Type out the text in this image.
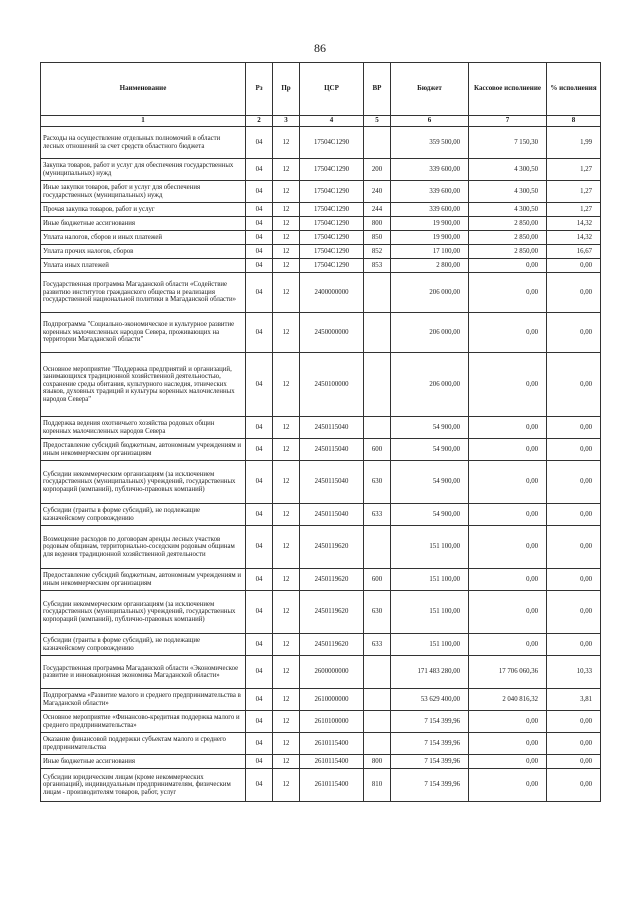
86
Наименование	Рз	Пр	ЦСР	ВР	Бюджет	Кассовое исполнение	% исполнения
1	2	3	4	5	6	7	8
Расходы на осуществление отдельных полномочий в области лесных отношений за счет средств областного бюджета	04	12	17504С1290		359 500,00	7 150,30	1,99
Закупка товаров, работ и услуг для обеспечения государственных (муниципальных) нужд	04	12	17504С1290	200	339 600,00	4 300,50	1,27
Иные закупки товаров, работ и услуг для обеспечения государственных (муниципальных) нужд	04	12	17504С1290	240	339 600,00	4 300,50	1,27
Прочая закупка товаров, работ и услуг	04	12	17504С1290	244	339 600,00	4 300,50	1,27
Иные бюджетные ассигнования	04	12	17504С1290	800	19 900,00	2 850,00	14,32
Уплата налогов, сборов и иных платежей	04	12	17504С1290	850	19 900,00	2 850,00	14,32
Уплата прочих налогов, сборов	04	12	17504С1290	852	17 100,00	2 850,00	16,67
Уплата иных платежей	04	12	17504С1290	853	2 800,00	0,00	0,00
Государственная программа Магаданской области «Содействие развитию институтов гражданского общества и реализация государственной национальной политики в Магаданской области»	04	12	2400000000		206 000,00	0,00	0,00
Подпрограмма "Социально-экономическое и культурное развитие коренных малочисленных народов Севера, проживающих на территории Магаданской области"	04	12	2450000000		206 000,00	0,00	0,00
Основное мероприятие "Поддержка предприятий и организаций, занимающихся традиционной хозяйственной деятельностью, сохранение среды обитания, культурного наследия, этнических языков, духовных традиций и культуры коренных малочисленных народов Севера"	04	12	2450100000		206 000,00	0,00	0,00
Поддержка ведения охотничьего хозяйства родовых общин коренных малочисленных народов Севера	04	12	2450115040		54 900,00	0,00	0,00
Предоставление субсидий бюджетным, автономным учреждениям и иным некоммерческим организациям	04	12	2450115040	600	54 900,00	0,00	0,00
Субсидии некоммерческим организациям (за исключением государственных (муниципальных) учреждений, государственных корпораций (компаний), публично-правовых компаний)	04	12	2450115040	630	54 900,00	0,00	0,00
Субсидии (гранты в форме субсидий), не подлежащие казначейскому сопровождению	04	12	2450115040	633	54 900,00	0,00	0,00
Возмещение расходов по договорам аренды лесных участков родовым общинам, территориально-соседским родовым общинам для ведения традиционной хозяйственной деятельности	04	12	2450119620		151 100,00	0,00	0,00
Предоставление субсидий бюджетным, автономным учреждениям и иным некоммерческим организациям	04	12	2450119620	600	151 100,00	0,00	0,00
Субсидии некоммерческим организациям (за исключением государственных (муниципальных) учреждений, государственных корпораций (компаний), публично-правовых компаний)	04	12	2450119620	630	151 100,00	0,00	0,00
Субсидии (гранты в форме субсидий), не подлежащие казначейскому сопровождению	04	12	2450119620	633	151 100,00	0,00	0,00
Государственная программа Магаданской области «Экономическое развитие и инновационная экономика Магаданской области»	04	12	2600000000		171 483 280,00	17 706 060,36	10,33
Подпрограмма «Развитие малого и среднего предпринимательства в Магаданской области»	04	12	2610000000		53 629 400,00	2 040 816,32	3,81
Основное мероприятие «Финансово-кредитная поддержка малого и среднего предпринимательства»	04	12	2610100000		7 154 399,96	0,00	0,00
Оказание финансовой поддержки субъектам малого и среднего предпринимательства	04	12	2610115400		7 154 399,96	0,00	0,00
Иные бюджетные ассигнования	04	12	2610115400	800	7 154 399,96	0,00	0,00
Субсидии юридическим лицам (кроме некоммерческих организаций), индивидуальным предпринимателям, физическим лицам - производителям товаров, работ, услуг	04	12	2610115400	810	7 154 399,96	0,00	0,00
